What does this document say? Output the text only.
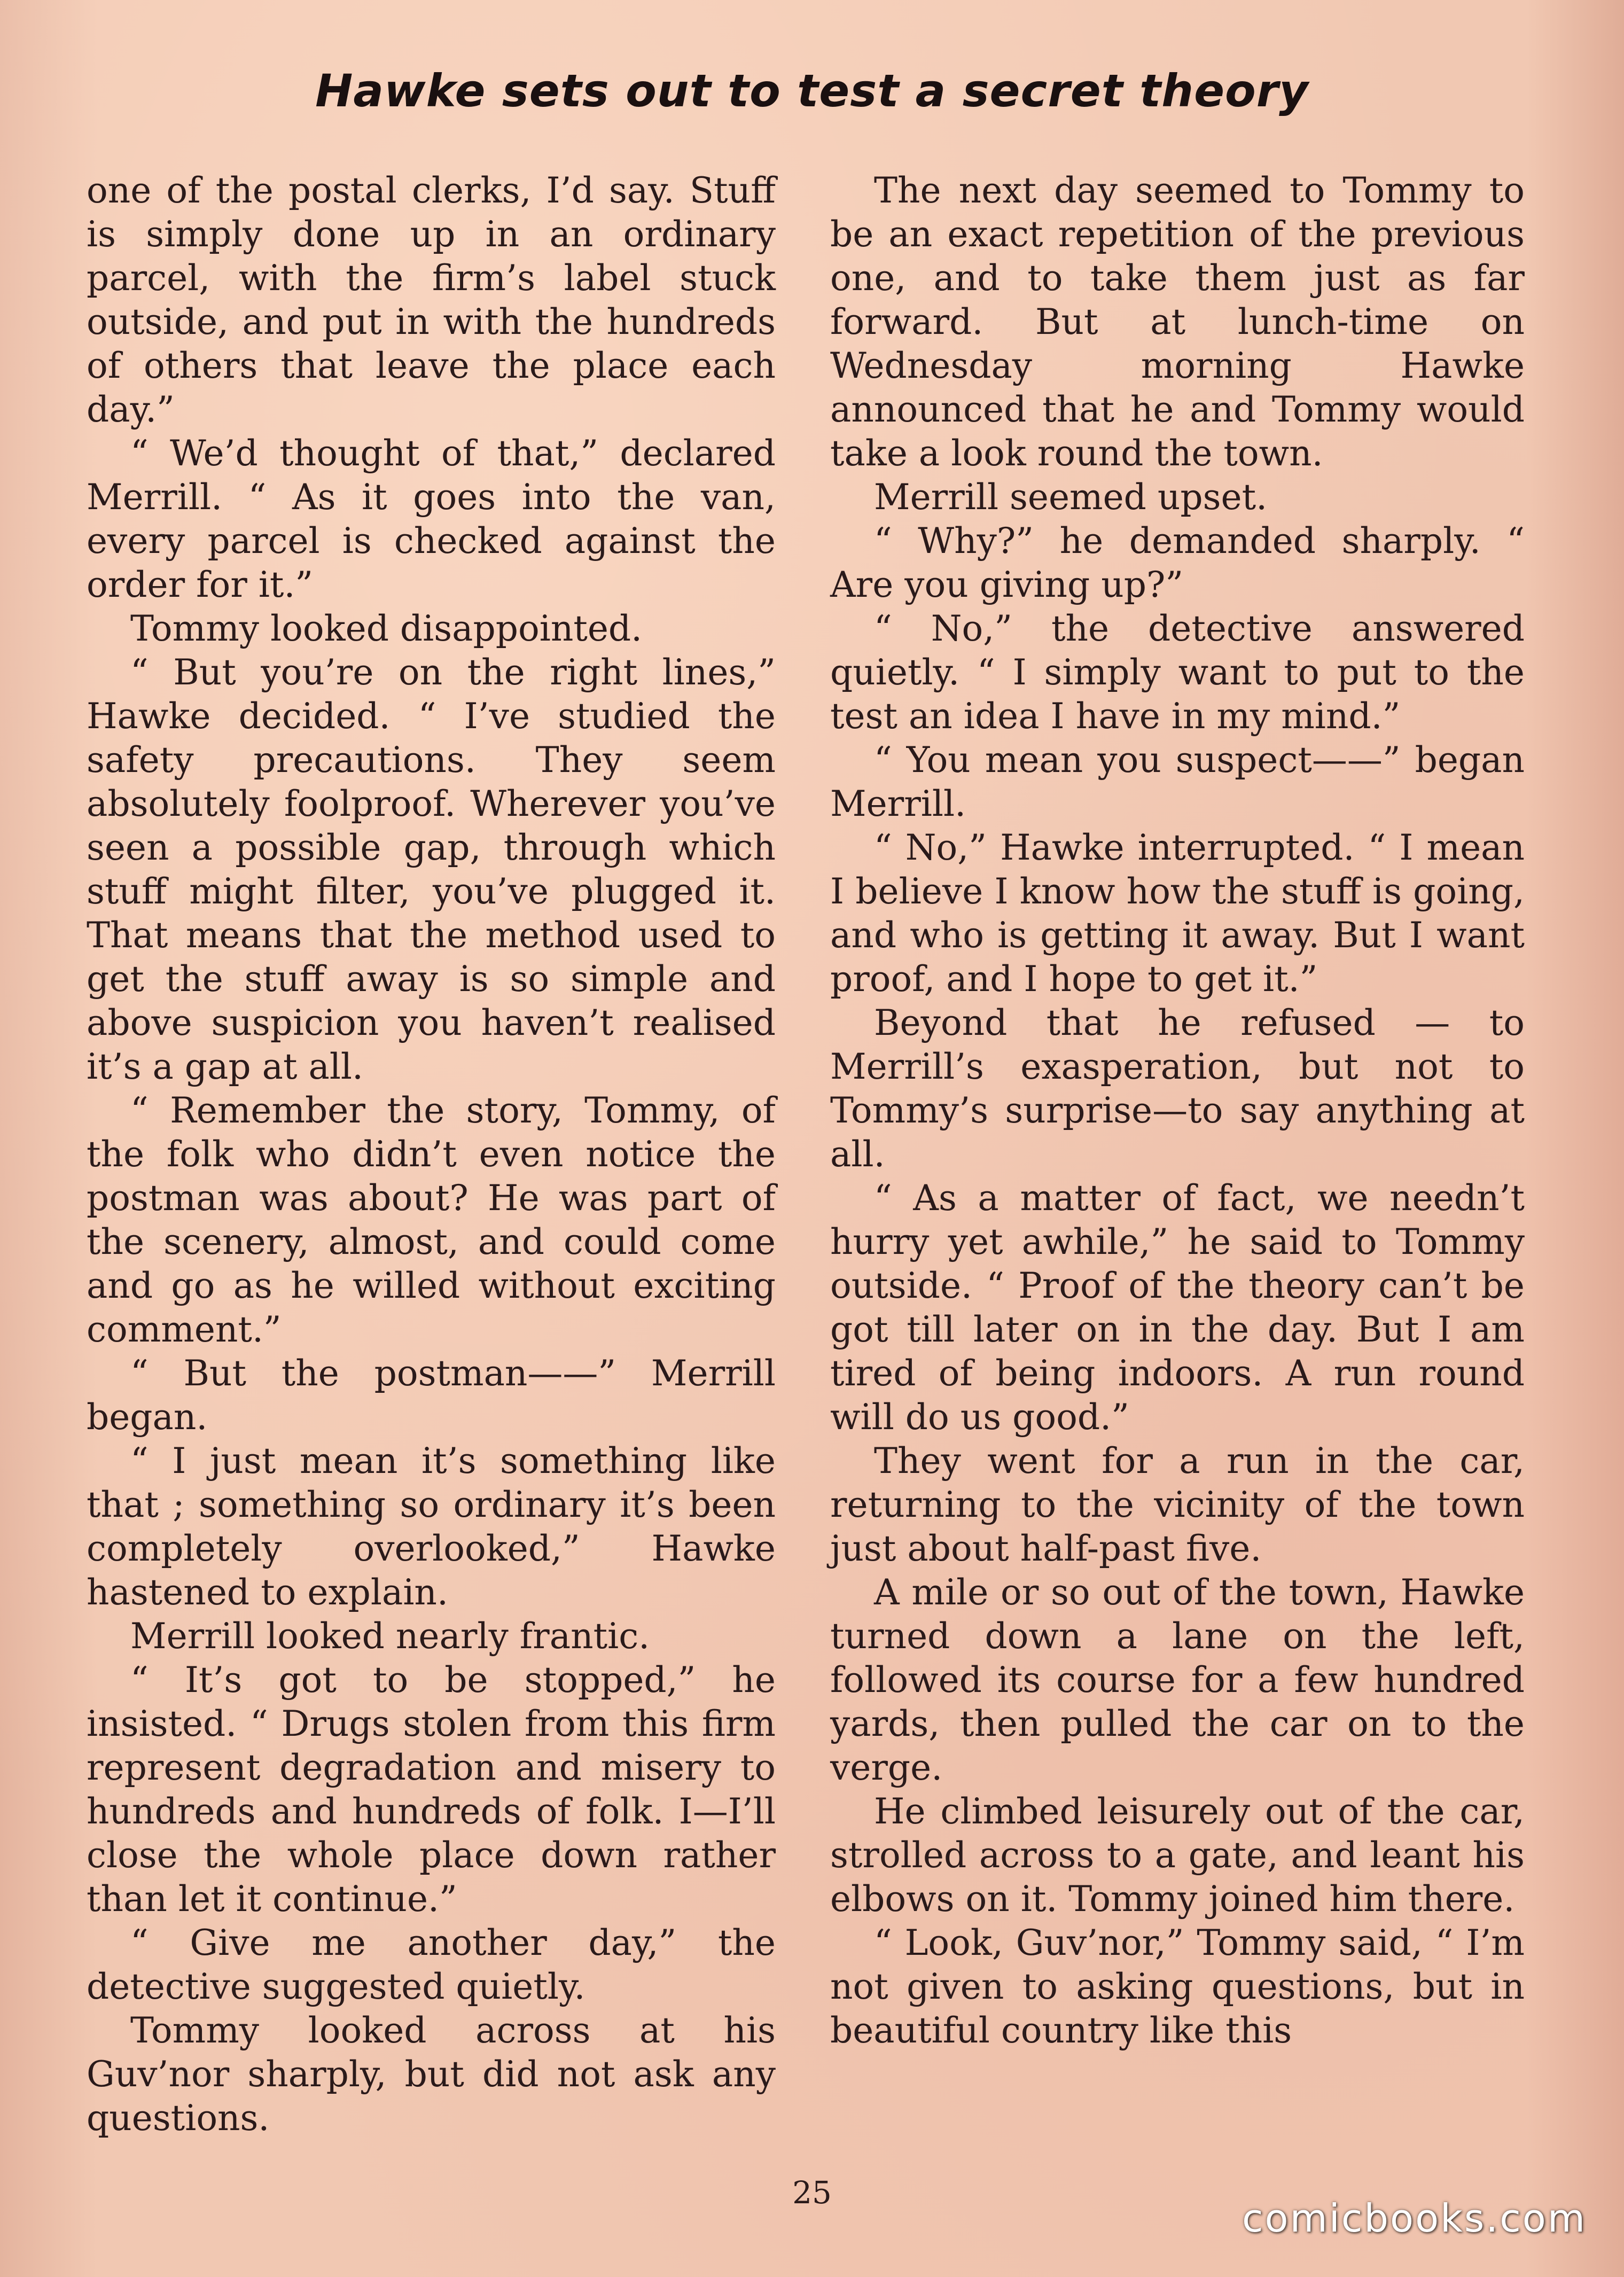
Hawke sets out to test a secret theory

one of the postal clerks, I’d say. Stuff is simply done up in an ordinary parcel, with the firm’s label stuck outside, and put in with the hundreds of others that leave the place each day.”

“ We’d thought of that,” declared Merrill. “ As it goes into the van, every parcel is checked against the order for it.”

Tommy looked disappointed.

“ But you’re on the right lines,” Hawke decided. “ I’ve studied the safety precautions. They seem absolutely foolproof. Wherever you’ve seen a possible gap, through which stuff might filter, you’ve plugged it. That means that the method used to get the stuff away is so simple and above suspicion you haven’t realised it’s a gap at all.

“ Remember the story, Tommy, of the folk who didn’t even notice the postman was about? He was part of the scenery, almost, and could come and go as he willed without exciting comment.”

“ But the postman——” Merrill began.

“ I just mean it’s something like that ; something so ordinary it’s been completely overlooked,” Hawke hastened to explain.

Merrill looked nearly frantic.

“ It’s got to be stopped,” he insisted. “ Drugs stolen from this firm represent degradation and misery to hundreds and hundreds of folk. I—I’ll close the whole place down rather than let it continue.”

“ Give me another day,” the detective suggested quietly.

Tommy looked across at his Guv’nor sharply, but did not ask any questions.

The next day seemed to Tommy to be an exact repetition of the previous one, and to take them just as far forward. But at lunch-time on Wednesday morning Hawke announced that he and Tommy would take a look round the town.

Merrill seemed upset.

“ Why?” he demanded sharply. “ Are you giving up?”

“ No,” the detective answered quietly. “ I simply want to put to the test an idea I have in my mind.”

“ You mean you suspect——” began Merrill.

“ No,” Hawke interrupted. “ I mean I believe I know how the stuff is going, and who is getting it away. But I want proof, and I hope to get it.”

Beyond that he refused — to Merrill’s exasperation, but not to Tommy’s surprise—to say anything at all.

“ As a matter of fact, we needn’t hurry yet awhile,” he said to Tommy outside. “ Proof of the theory can’t be got till later on in the day. But I am tired of being indoors. A run round will do us good.”

They went for a run in the car, returning to the vicinity of the town just about half-past five.

A mile or so out of the town, Hawke turned down a lane on the left, followed its course for a few hundred yards, then pulled the car on to the verge.

He climbed leisurely out of the car, strolled across to a gate, and leant his elbows on it. Tommy joined him there.

“ Look, Guv’nor,” Tommy said, “ I’m not given to asking questions, but in beautiful country like this

25
comicbooks.com
